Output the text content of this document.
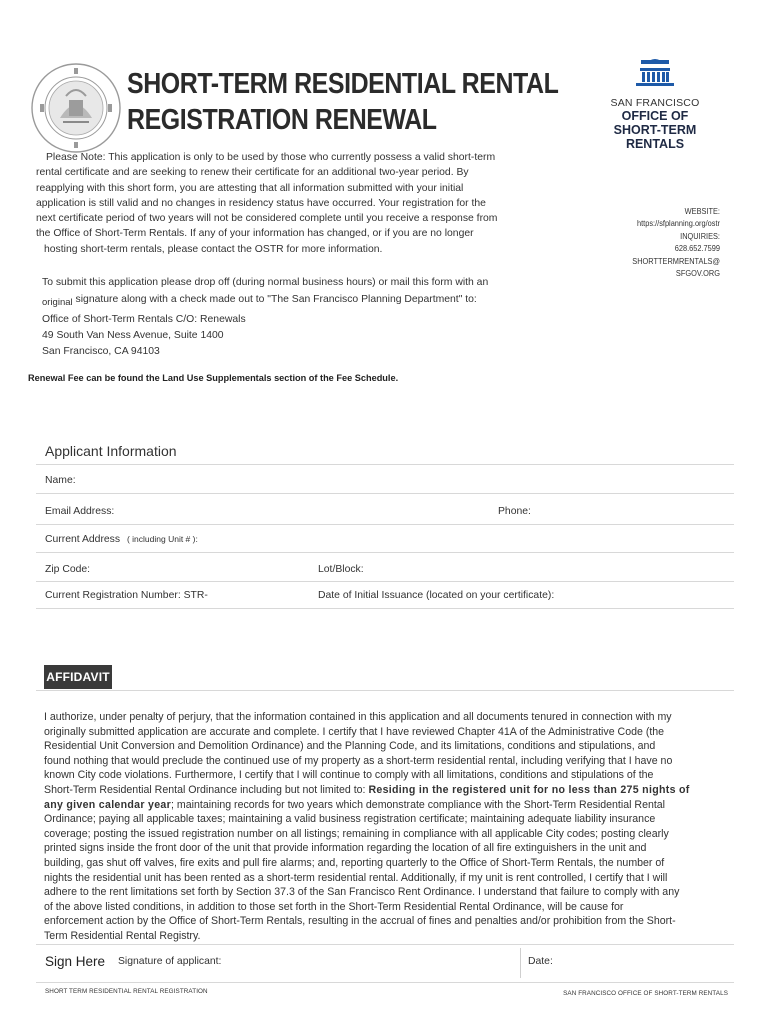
SHORT-TERM RESIDENTIAL RENTAL
REGISTRATION RENEWAL
SAN FRANCISCO
OFFICE OF
SHORT-TERM RENTALS

Please Note: This application is only to be used by those who currently possess a valid short-term

rental certificate and are seeking to renew their certificate for an additional two-year period. By

reapplying with this short form, you are attesting that all information submitted with your initial

application is still valid and no changes in residency status have occurred. Your registration for the

next certificate period of two years will not be considered complete until you receive a response from

the Office of Short-Term Rentals. If any of your information has changed, or if you are no longer

hosting short-term rentals, please contact the OSTR for more information.

WEBSITE:
https://sfplanning.org/ostr
INQUIRIES:
628.652.7599
SHORTTERMRENTALS@
SFGOV.ORG
To submit this application please drop off (during normal business hours) or mail this form with an
original signature along with a check made out to "The San Francisco Planning Department" to:
Office of Short-Term Rentals C/O: Renewals
49 South Van Ness Avenue, Suite 1400
San Francisco, CA 94103
Renewal Fee can be found the Land Use Supplementals section of the Fee Schedule.
Applicant Information
Name:
Email Address:	Phone:
Current Address ( including Unit # ):
Zip Code:	Lot/Block:
Current Registration Number: STR-	Date of Initial Issuance (located on your certificate):
AFFIDAVIT
I authorize, under penalty of perjury, that the information contained in this application and all documents tenured in connection with my
originally submitted application are accurate and complete. I certify that I have reviewed Chapter 41A of the Administrative Code (the
Residential Unit Conversion and Demolition Ordinance) and the Planning Code, and its limitations, conditions and stipulations, and
found nothing that would preclude the continued use of my property as a short-term residential rental, including verifying that I have no
known City code violations. Furthermore, I certify that I will continue to comply with all limitations, conditions and stipulations of the
Short-Term Residential Rental Ordinance including but not limited to: Residing in the registered unit for no less than 275 nights of
any given calendar year; maintaining records for two years which demonstrate compliance with the Short-Term Residential Rental
Ordinance; paying all applicable taxes; maintaining a valid business registration certificate; maintaining adequate liability insurance
coverage; posting the issued registration number on all listings; remaining in compliance with all applicable City codes; posting clearly
printed signs inside the front door of the unit that provide information regarding the location of all fire extinguishers in the unit and
building, gas shut off valves, fire exits and pull fire alarms; and, reporting quarterly to the Office of Short-Term Rentals, the number of
nights the residential unit has been rented as a short-term residential rental. Additionally, if my unit is rent controlled, I certify that I will
adhere to the rent limitations set forth by Section 37.3 of the San Francisco Rent Ordinance. I understand that failure to comply with any
of the above listed conditions, in addition to those set forth in the Short-Term Residential Rental Ordinance, will be cause for
enforcement action by the Office of Short-Term Rentals, resulting in the accrual of fines and penalties and/or prohibition from the Short-
Term Residential Rental Registry.
Sign Here Signature of applicant:	Date:
SHORT TERM RESIDENTIAL RENTAL REGISTRATION	SAN FRANCISCO OFFICE OF SHORT-TERM RENTALS
